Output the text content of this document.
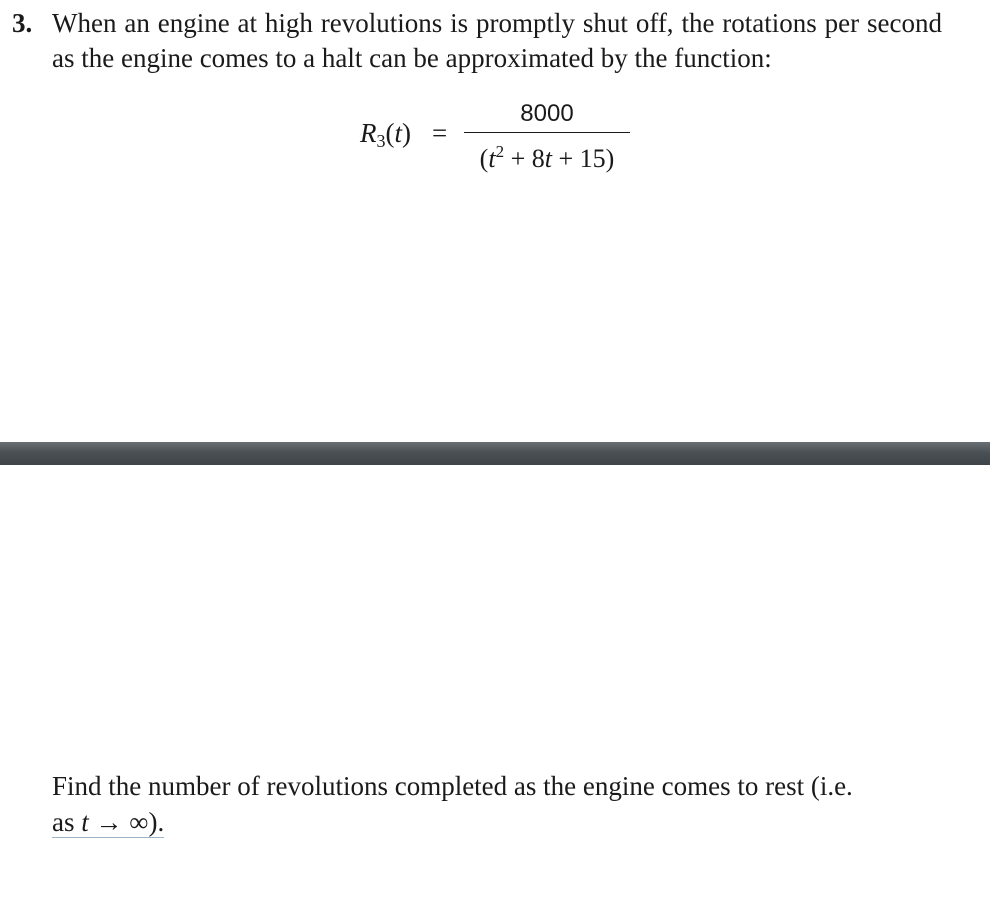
3. When an engine at high revolutions is promptly shut off, the rotations per second as the engine comes to a halt can be approximated by the function:
$R_3(t)$ =
8000
$(t^2 + 8t + 15)$
Find the number of revolutions completed as the engine comes to rest (i.e.
as t → ∞).
